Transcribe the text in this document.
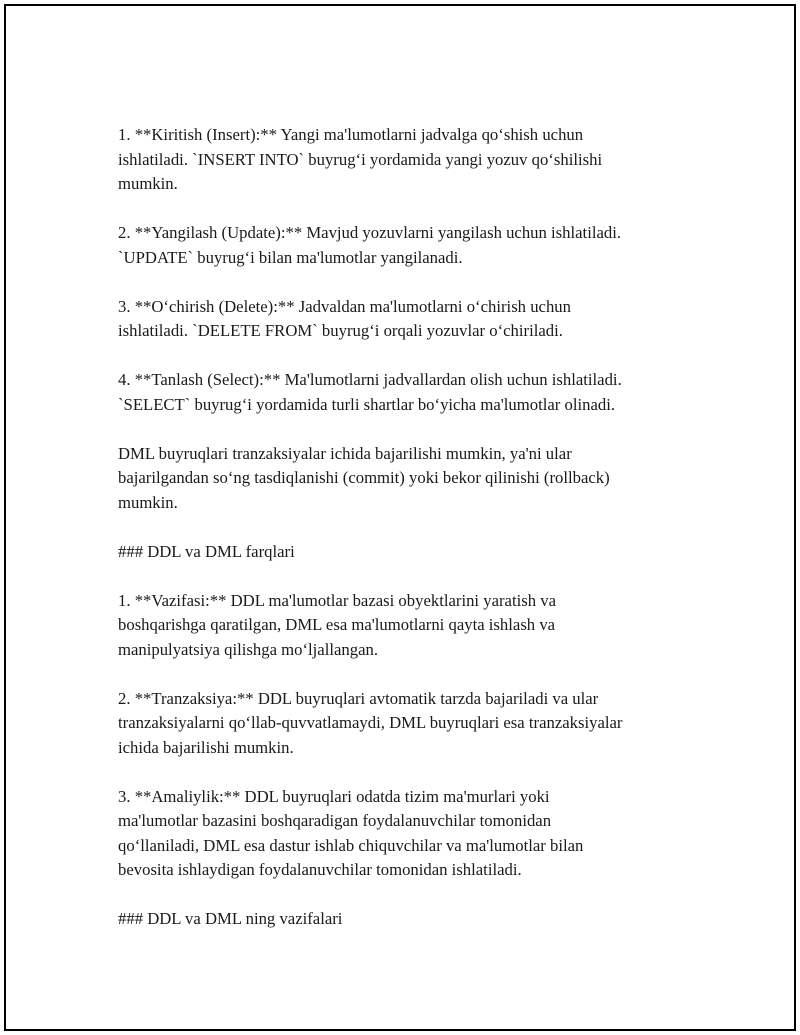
1. **Kiritish (Insert):** Yangi ma'lumotlarni jadvalga qo‘shish uchun
ishlatiladi. `INSERT INTO` buyrug‘i yordamida yangi yozuv qo‘shilishi
mumkin.

2. **Yangilash (Update):** Mavjud yozuvlarni yangilash uchun ishlatiladi.
`UPDATE` buyrug‘i bilan ma'lumotlar yangilanadi.

3. **O‘chirish (Delete):** Jadvaldan ma'lumotlarni o‘chirish uchun
ishlatiladi. `DELETE FROM` buyrug‘i orqali yozuvlar o‘chiriladi.

4. **Tanlash (Select):** Ma'lumotlarni jadvallardan olish uchun ishlatiladi.
`SELECT` buyrug‘i yordamida turli shartlar bo‘yicha ma'lumotlar olinadi.

DML buyruqlari tranzaksiyalar ichida bajarilishi mumkin, ya'ni ular
bajarilgandan so‘ng tasdiqlanishi (commit) yoki bekor qilinishi (rollback)
mumkin.

### DDL va DML farqlari

1. **Vazifasi:** DDL ma'lumotlar bazasi obyektlarini yaratish va
boshqarishga qaratilgan, DML esa ma'lumotlarni qayta ishlash va
manipulyatsiya qilishga mo‘ljallangan.

2. **Tranzaksiya:** DDL buyruqlari avtomatik tarzda bajariladi va ular
tranzaksiyalarni qo‘llab-quvvatlamaydi, DML buyruqlari esa tranzaksiyalar
ichida bajarilishi mumkin.

3. **Amaliylik:** DDL buyruqlari odatda tizim ma'murlari yoki
ma'lumotlar bazasini boshqaradigan foydalanuvchilar tomonidan
qo‘llaniladi, DML esa dastur ishlab chiquvchilar va ma'lumotlar bilan
bevosita ishlaydigan foydalanuvchilar tomonidan ishlatiladi.

### DDL va DML ning vazifalari
